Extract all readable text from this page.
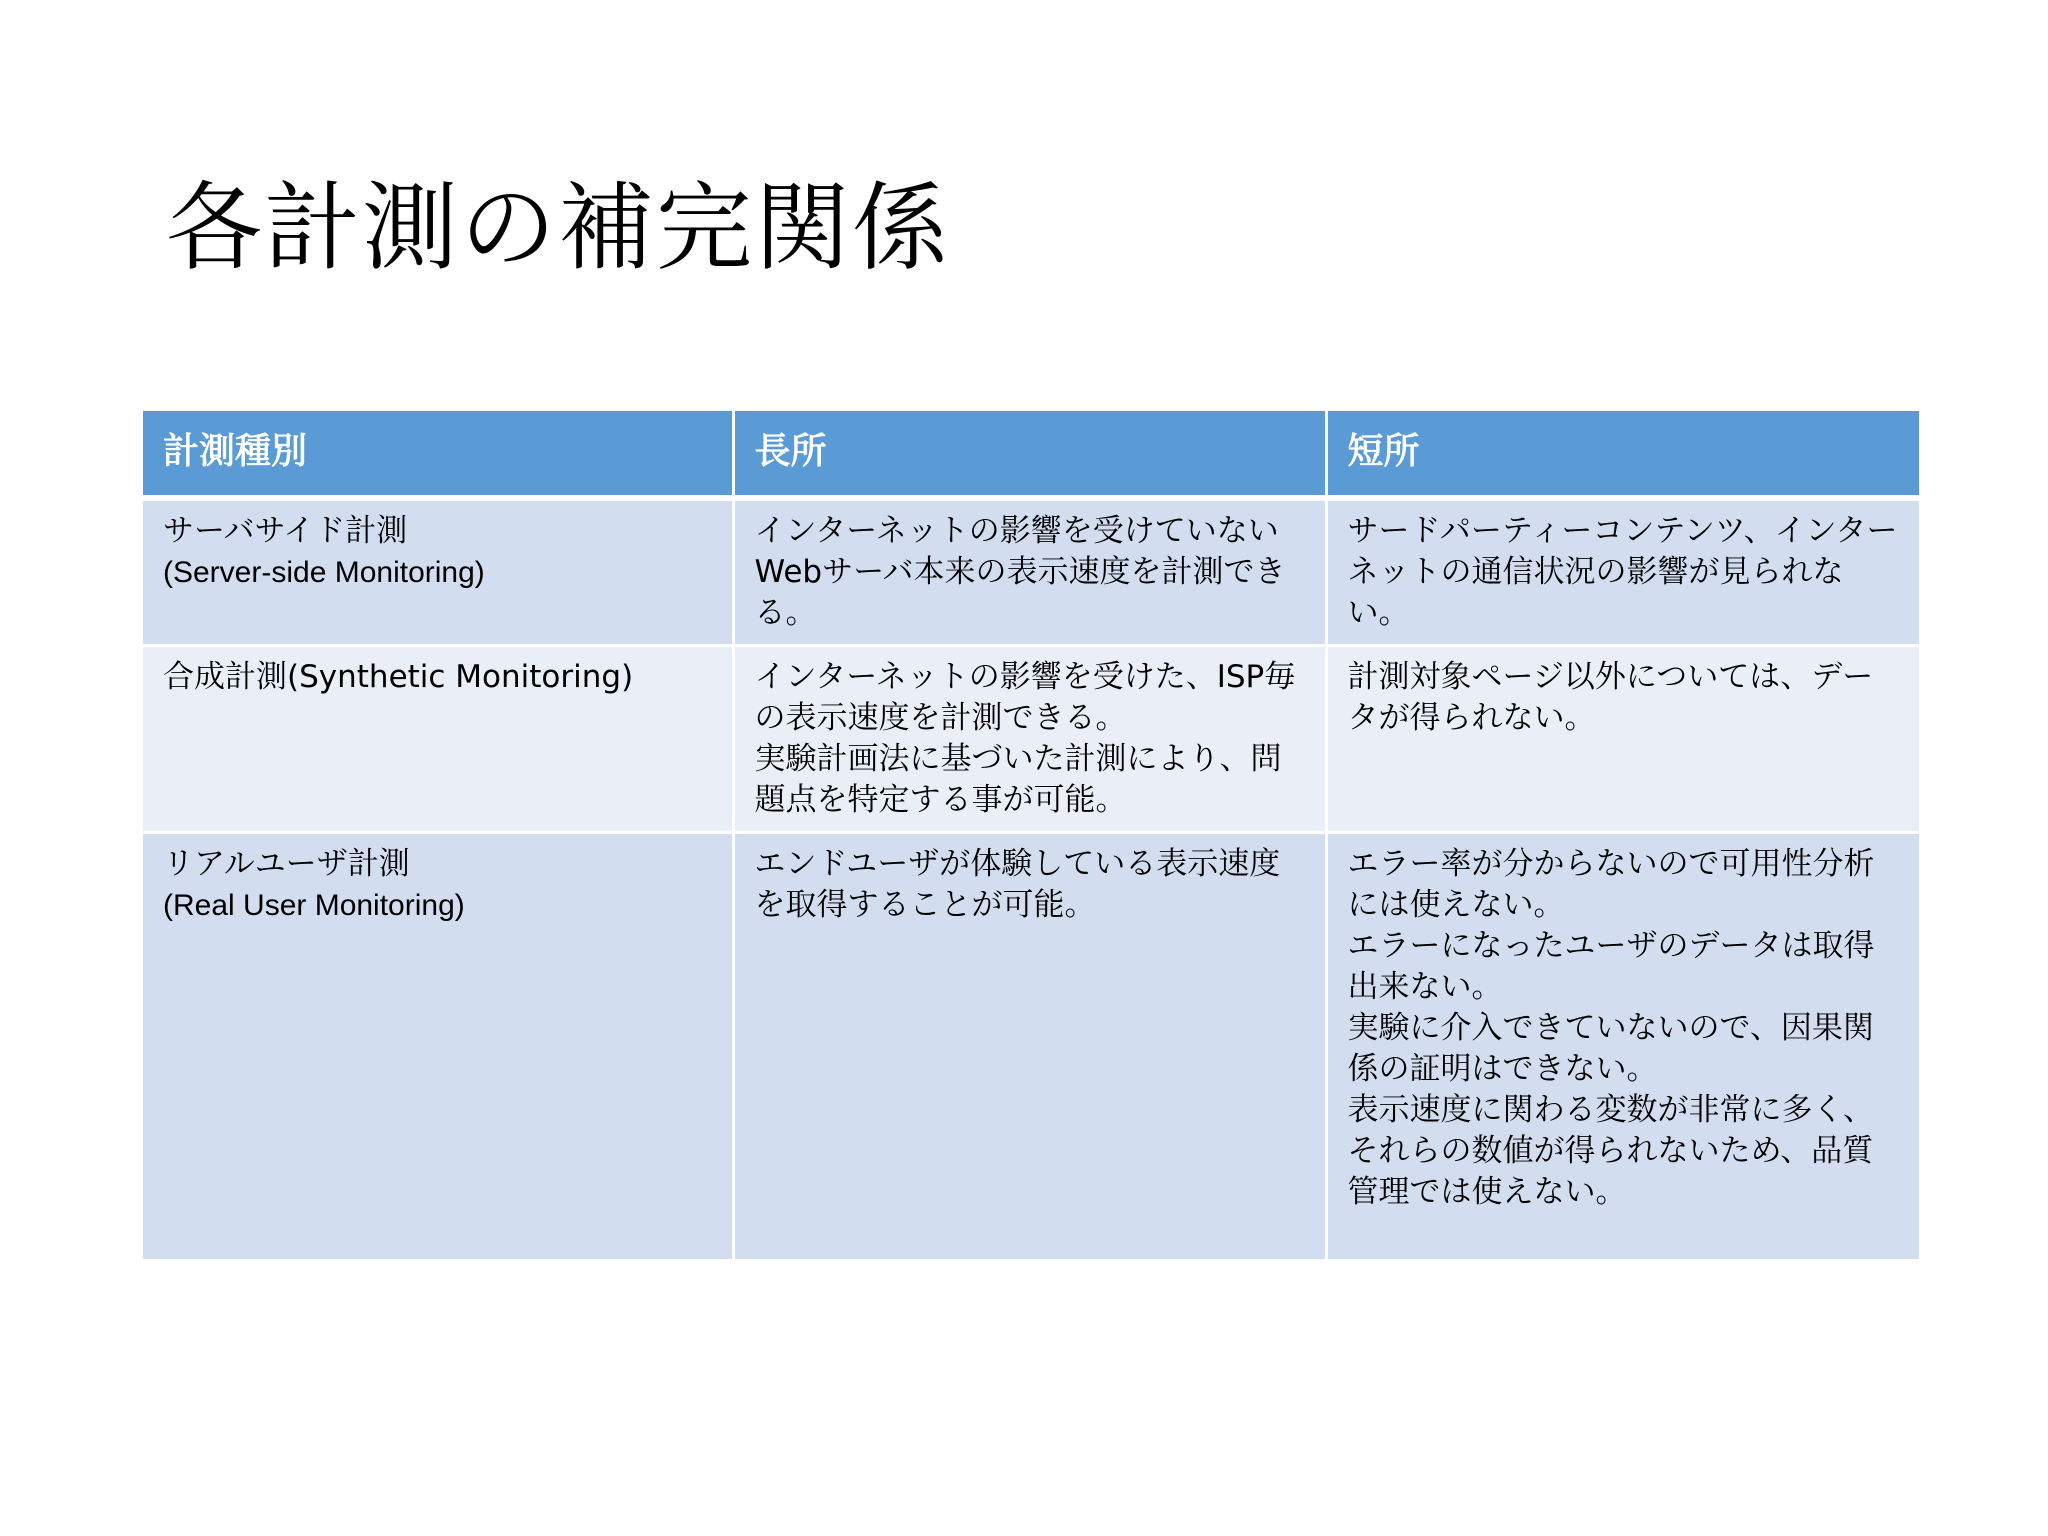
各計測の補完関係
計測種別	長所	短所

サーバサイド計測
(Server-side Monitoring)	インターネットの影響を受けていないWebサーバ本来の表示速度を計測できる。	サードパーティーコンテンツ、インターネットの通信状況の影響が見られない。

合成計測(Synthetic Monitoring)	インターネットの影響を受けた、ISP毎の表示速度を計測できる。
実験計画法に基づいた計測により、問題点を特定する事が可能。	計測対象ページ以外については、データが得られない。

リアルユーザ計測
(Real User Monitoring)	エンドユーザが体験している表示速度を取得することが可能。	エラー率が分からないので可用性分析には使えない。
エラーになったユーザのデータは取得出来ない。
実験に介入できていないので、因果関係の証明はできない。
表示速度に関わる変数が非常に多く、それらの数値が得られないため、品質管理では使えない。
